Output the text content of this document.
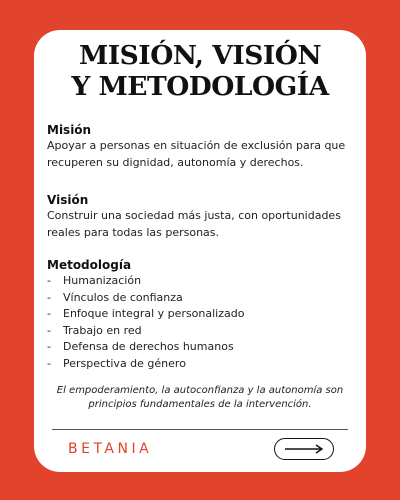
MISIÓN, VISIÓN
Y METODOLOGÍA
Misión
Apoyar a personas en situación de exclusión para que recuperen su dignidad, autonomía y derechos.
Visión
Construir una sociedad más justa, con oportunidades reales para todas las personas.
Metodología
-	Humanización
-	Vínculos de confianza
-	Enfoque integral y personalizado
-	Trabajo en red
-	Defensa de derechos humanos
-	Perspectiva de género
El empoderamiento, la autoconfianza y la autonomía son principios fundamentales de la intervención.
BETANIA
